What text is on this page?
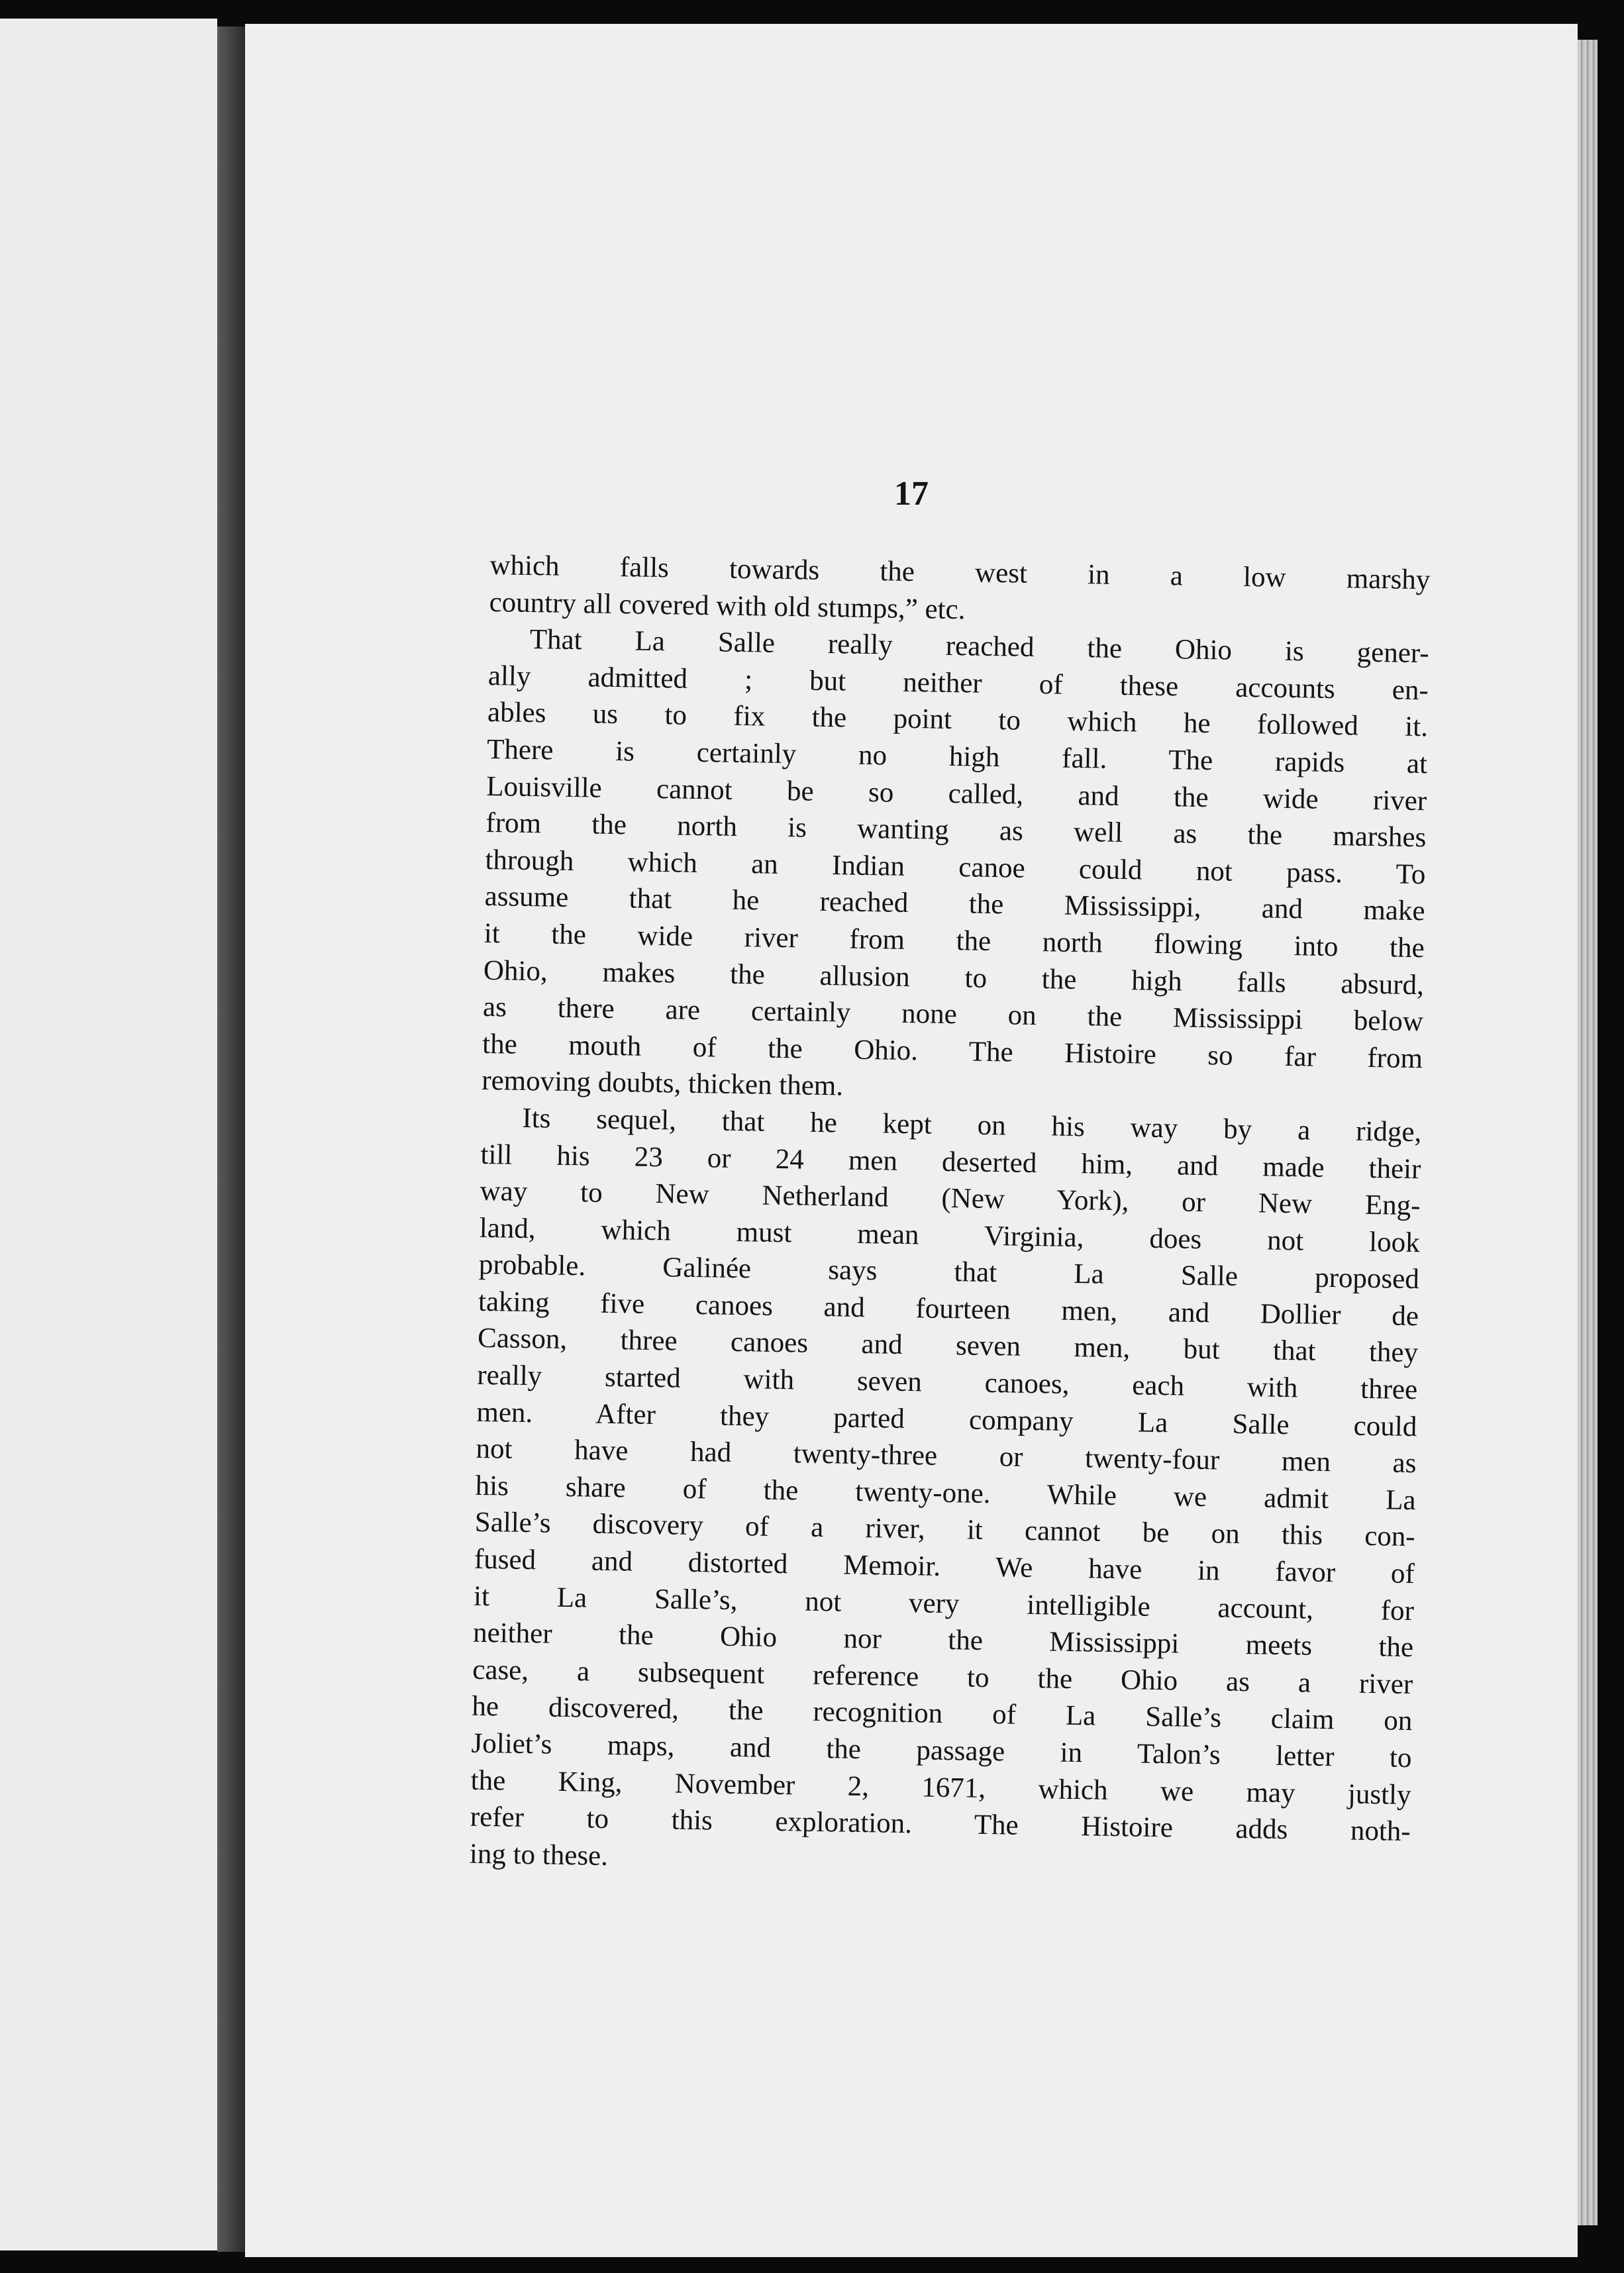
17
which falls towards the west in a low marshy
country all covered with old stumps,” etc.
That La Salle really reached the Ohio is gener-
ally admitted ; but neither of these accounts en-
ables us to fix the point to which he followed it.
There is certainly no high fall. The rapids at
Louisville cannot be so called, and the wide river
from the north is wanting as well as the marshes
through which an Indian canoe could not pass. To
assume that he reached the Mississippi, and make
it the wide river from the north flowing into the
Ohio, makes the allusion to the high falls absurd,
as there are certainly none on the Mississippi below
the mouth of the Ohio. The Histoire so far from
removing doubts, thicken them.
Its sequel, that he kept on his way by a ridge,
till his 23 or 24 men deserted him, and made their
way to New Netherland (New York), or New Eng-
land, which must mean Virginia, does not look
probable. Galinée says that La Salle proposed
taking five canoes and fourteen men, and Dollier de
Casson, three canoes and seven men, but that they
really started with seven canoes, each with three
men. After they parted company La Salle could
not have had twenty-three or twenty-four men as
his share of the twenty-one. While we admit La
Salle’s discovery of a river, it cannot be on this con-
fused and distorted Memoir. We have in favor of
it La Salle’s, not very intelligible account, for
neither the Ohio nor the Mississippi meets the
case, a subsequent reference to the Ohio as a river
he discovered, the recognition of La Salle’s claim on
Joliet’s maps, and the passage in Talon’s letter to
the King, November 2, 1671, which we may justly
refer to this exploration. The Histoire adds noth-
ing to these.
